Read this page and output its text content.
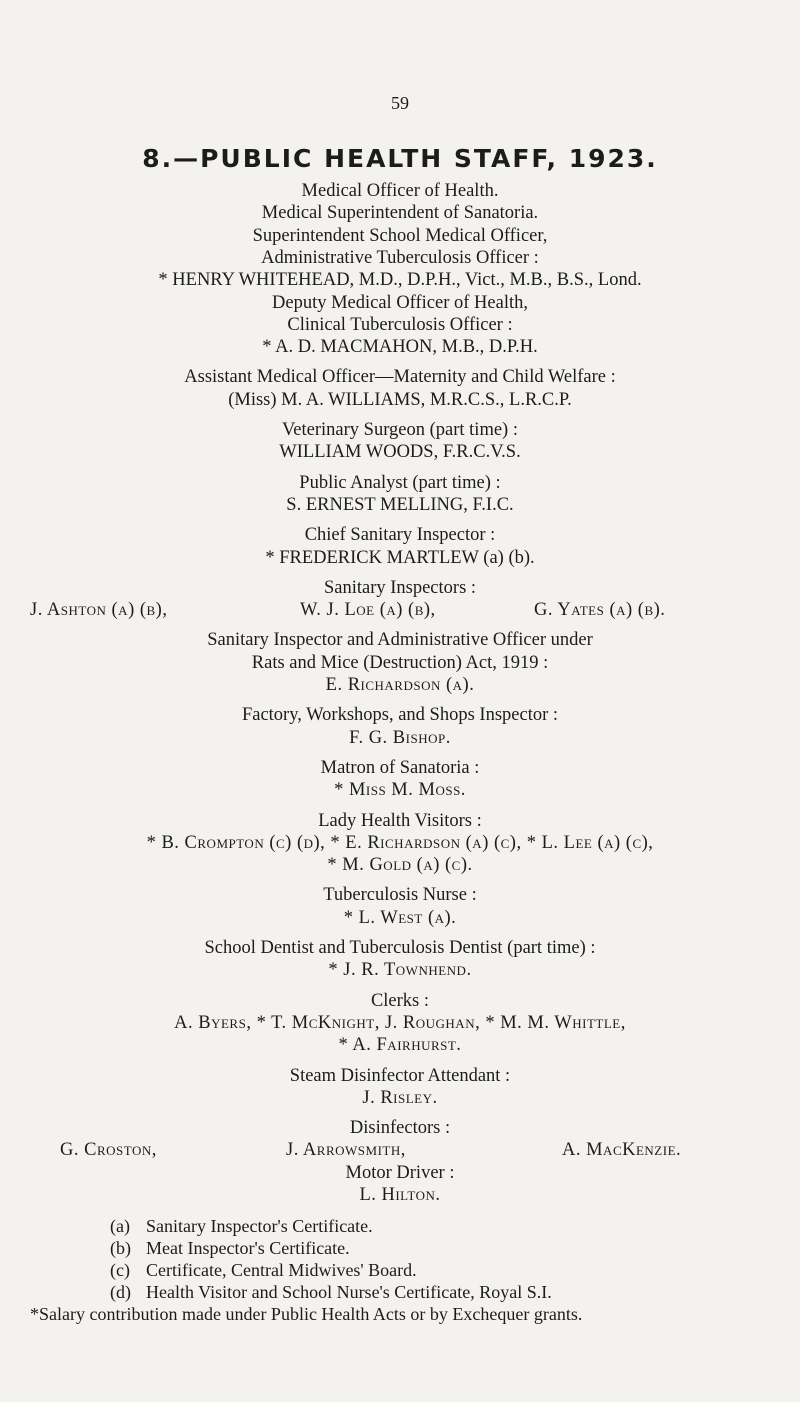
59
8.—PUBLIC HEALTH STAFF, 1923.
Medical Officer of Health.
Medical Superintendent of Sanatoria.
Superintendent School Medical Officer,
Administrative Tuberculosis Officer :
* HENRY WHITEHEAD, M.D., D.P.H., Vict., M.B., B.S., Lond.
Deputy Medical Officer of Health,
Clinical Tuberculosis Officer :
* A. D. MACMAHON, M.B., D.P.H.
Assistant Medical Officer—Maternity and Child Welfare :
(Miss) M. A. WILLIAMS, M.R.C.S., L.R.C.P.
Veterinary Surgeon (part time) :
WILLIAM WOODS, F.R.C.V.S.
Public Analyst (part time) :
S. ERNEST MELLING, F.I.C.
Chief Sanitary Inspector :
* FREDERICK MARTLEW (a) (b).
Sanitary Inspectors :
J. Ashton (a) (b),	W. J. Loe (a) (b),	G. Yates (a) (b).
Sanitary Inspector and Administrative Officer under
Rats and Mice (Destruction) Act, 1919 :
E. Richardson (a).
Factory, Workshops, and Shops Inspector :
F. G. Bishop.
Matron of Sanatoria :
* Miss M. Moss.
Lady Health Visitors :
* B. Crompton (c) (d), * E. Richardson (a) (c), * L. Lee (a) (c),
* M. Gold (a) (c).
Tuberculosis Nurse :
* L. West (a).
School Dentist and Tuberculosis Dentist (part time) :
* J. R. Townhend.
Clerks :
A. Byers, * T. McKnight, J. Roughan, * M. M. Whittle,
* A. Fairhurst.
Steam Disinfector Attendant :
J. Risley.
Disinfectors :
G. Croston,	J. Arrowsmith,	A. MacKenzie.
Motor Driver :
L. Hilton.
(a) Sanitary Inspector's Certificate.
(b) Meat Inspector's Certificate.
(c) Certificate, Central Midwives' Board.
(d) Health Visitor and School Nurse's Certificate, Royal S.I.
*Salary contribution made under Public Health Acts or by Exchequer grants.
